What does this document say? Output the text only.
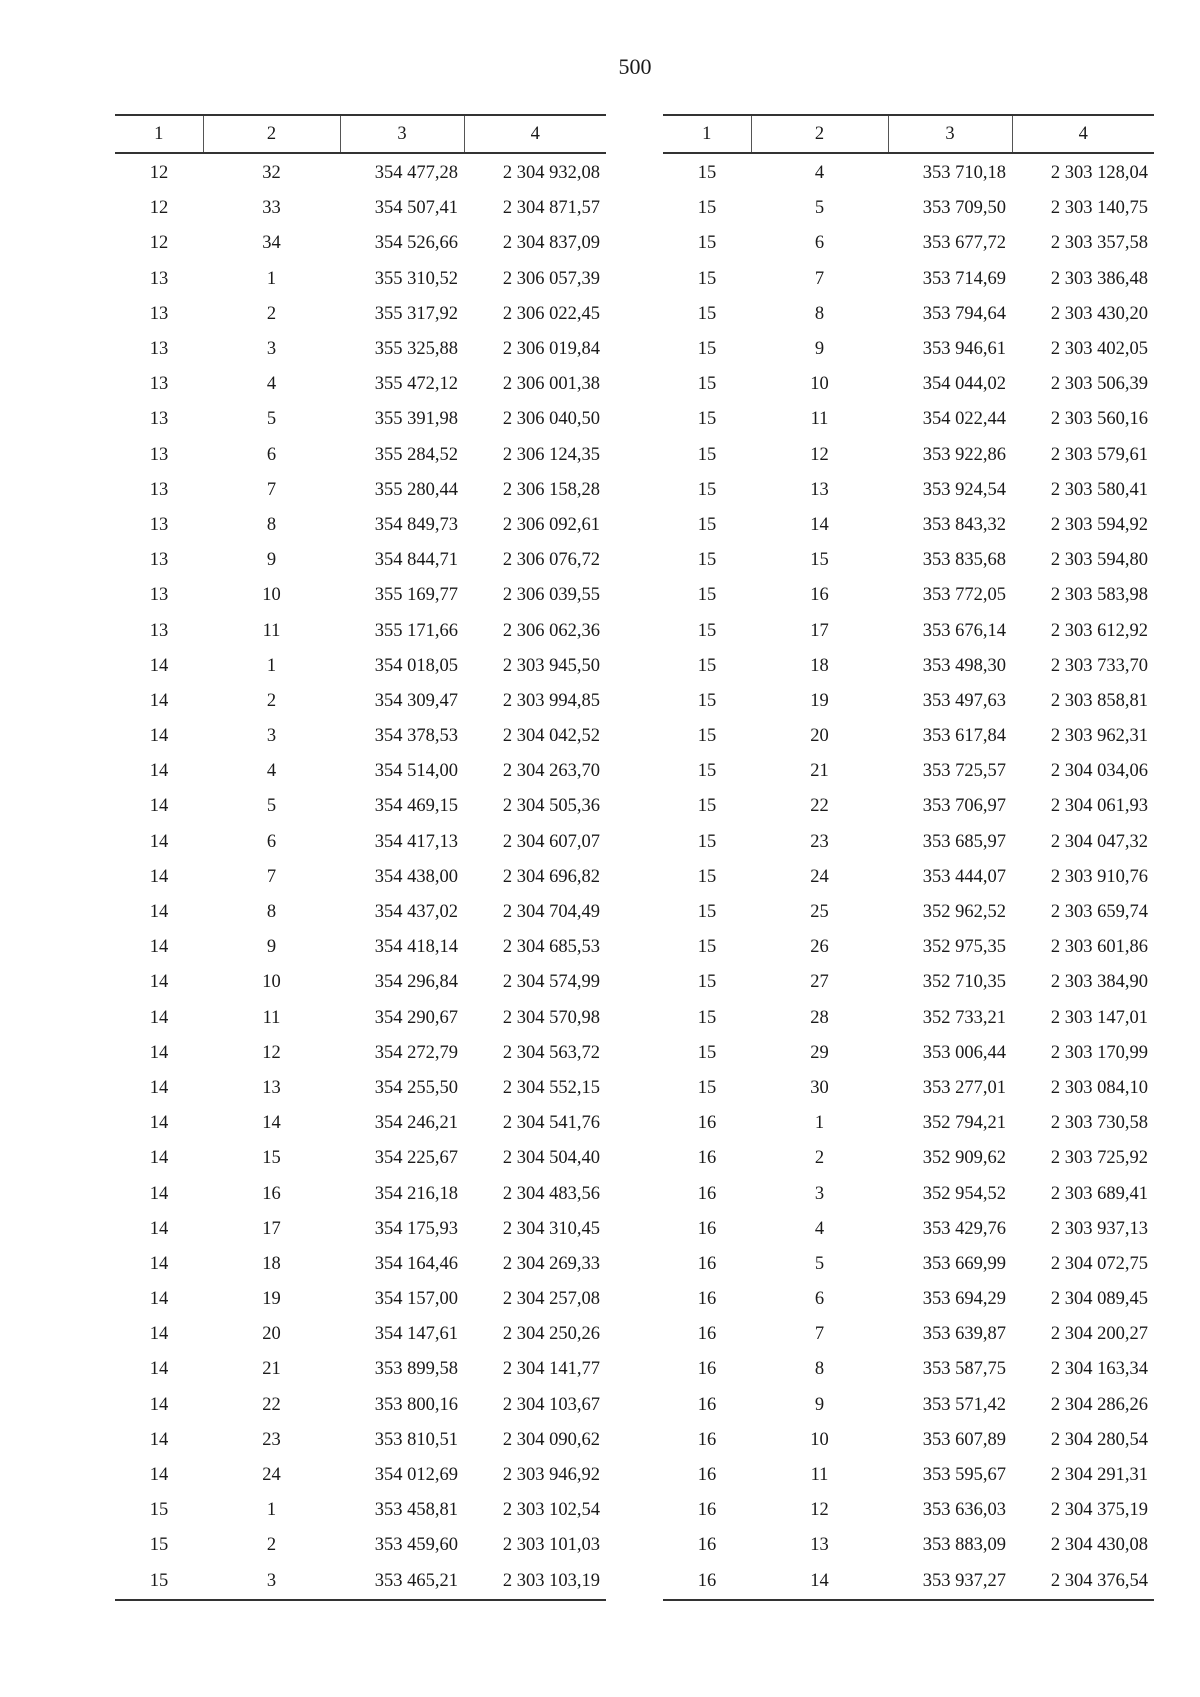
500
1	2	3	4
12	32	354 477,28	2 304 932,08
12	33	354 507,41	2 304 871,57
12	34	354 526,66	2 304 837,09
13	1	355 310,52	2 306 057,39
13	2	355 317,92	2 306 022,45
13	3	355 325,88	2 306 019,84
13	4	355 472,12	2 306 001,38
13	5	355 391,98	2 306 040,50
13	6	355 284,52	2 306 124,35
13	7	355 280,44	2 306 158,28
13	8	354 849,73	2 306 092,61
13	9	354 844,71	2 306 076,72
13	10	355 169,77	2 306 039,55
13	11	355 171,66	2 306 062,36
14	1	354 018,05	2 303 945,50
14	2	354 309,47	2 303 994,85
14	3	354 378,53	2 304 042,52
14	4	354 514,00	2 304 263,70
14	5	354 469,15	2 304 505,36
14	6	354 417,13	2 304 607,07
14	7	354 438,00	2 304 696,82
14	8	354 437,02	2 304 704,49
14	9	354 418,14	2 304 685,53
14	10	354 296,84	2 304 574,99
14	11	354 290,67	2 304 570,98
14	12	354 272,79	2 304 563,72
14	13	354 255,50	2 304 552,15
14	14	354 246,21	2 304 541,76
14	15	354 225,67	2 304 504,40
14	16	354 216,18	2 304 483,56
14	17	354 175,93	2 304 310,45
14	18	354 164,46	2 304 269,33
14	19	354 157,00	2 304 257,08
14	20	354 147,61	2 304 250,26
14	21	353 899,58	2 304 141,77
14	22	353 800,16	2 304 103,67
14	23	353 810,51	2 304 090,62
14	24	354 012,69	2 303 946,92
15	1	353 458,81	2 303 102,54
15	2	353 459,60	2 303 101,03
15	3	353 465,21	2 303 103,19
1	2	3	4
15	4	353 710,18	2 303 128,04
15	5	353 709,50	2 303 140,75
15	6	353 677,72	2 303 357,58
15	7	353 714,69	2 303 386,48
15	8	353 794,64	2 303 430,20
15	9	353 946,61	2 303 402,05
15	10	354 044,02	2 303 506,39
15	11	354 022,44	2 303 560,16
15	12	353 922,86	2 303 579,61
15	13	353 924,54	2 303 580,41
15	14	353 843,32	2 303 594,92
15	15	353 835,68	2 303 594,80
15	16	353 772,05	2 303 583,98
15	17	353 676,14	2 303 612,92
15	18	353 498,30	2 303 733,70
15	19	353 497,63	2 303 858,81
15	20	353 617,84	2 303 962,31
15	21	353 725,57	2 304 034,06
15	22	353 706,97	2 304 061,93
15	23	353 685,97	2 304 047,32
15	24	353 444,07	2 303 910,76
15	25	352 962,52	2 303 659,74
15	26	352 975,35	2 303 601,86
15	27	352 710,35	2 303 384,90
15	28	352 733,21	2 303 147,01
15	29	353 006,44	2 303 170,99
15	30	353 277,01	2 303 084,10
16	1	352 794,21	2 303 730,58
16	2	352 909,62	2 303 725,92
16	3	352 954,52	2 303 689,41
16	4	353 429,76	2 303 937,13
16	5	353 669,99	2 304 072,75
16	6	353 694,29	2 304 089,45
16	7	353 639,87	2 304 200,27
16	8	353 587,75	2 304 163,34
16	9	353 571,42	2 304 286,26
16	10	353 607,89	2 304 280,54
16	11	353 595,67	2 304 291,31
16	12	353 636,03	2 304 375,19
16	13	353 883,09	2 304 430,08
16	14	353 937,27	2 304 376,54
